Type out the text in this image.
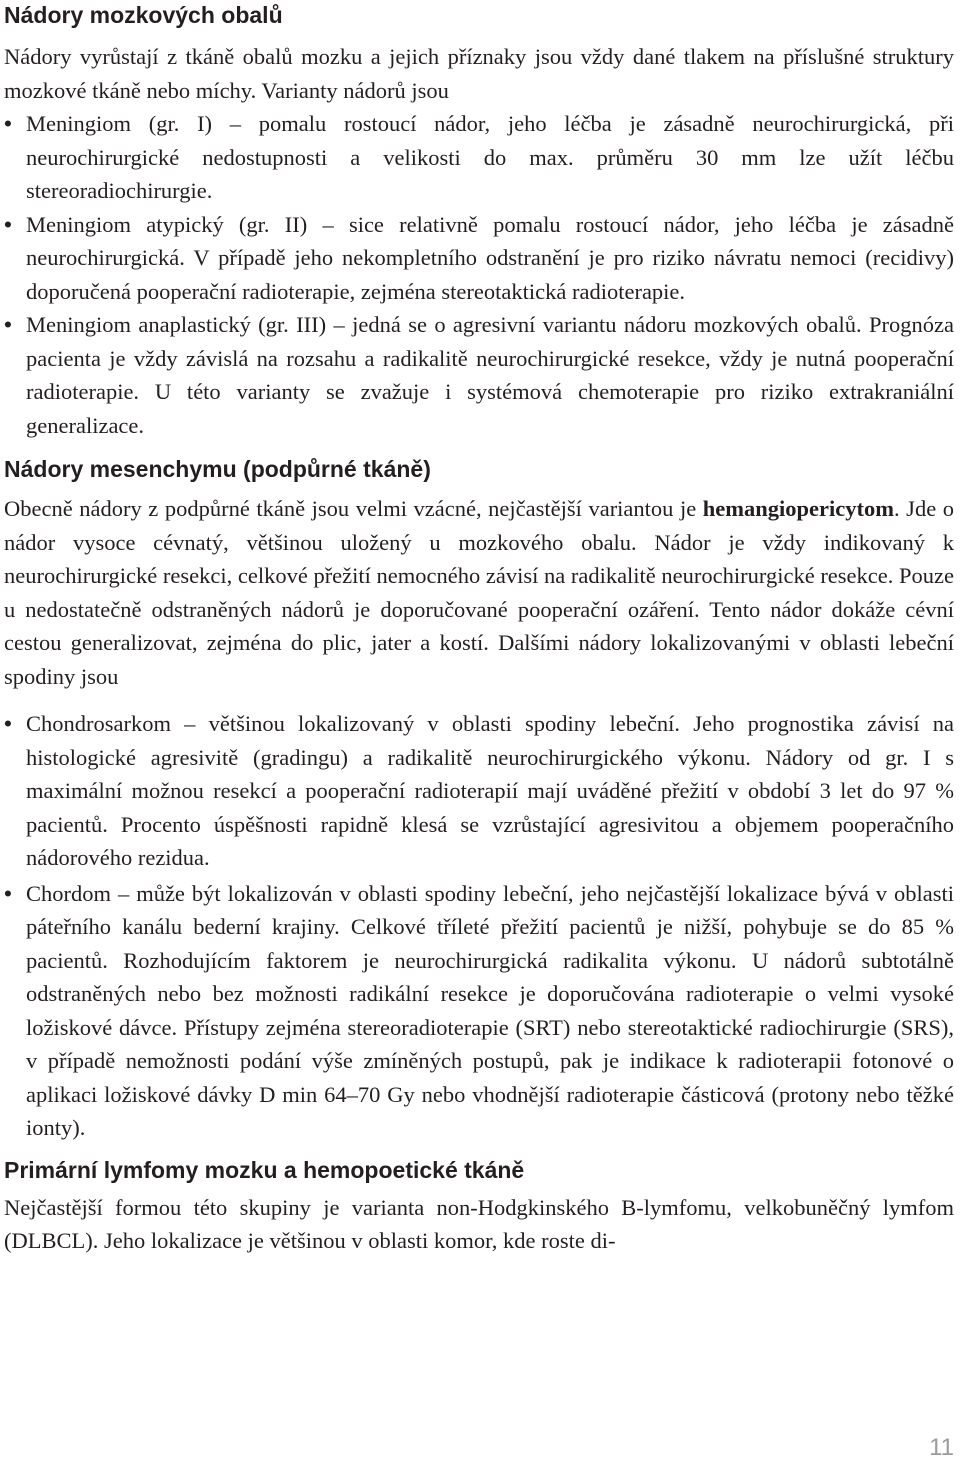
Nádory mozkových obalů

Nádory vyrůstají z tkáně obalů mozku a jejich příznaky jsou vždy dané tlakem na příslušné struktury mozkové tkáně nebo míchy. Varianty nádorů jsou

• Meningiom (gr. I) – pomalu rostoucí nádor, jeho léčba je zásadně neurochirurgická, při neurochirurgické nedostupnosti a velikosti do max. průměru 30 mm lze užít léčbu stereoradiochirurgie.
• Meningiom atypický (gr. II) – sice relativně pomalu rostoucí nádor, jeho léčba je zásadně neurochirurgická. V případě jeho nekompletního odstranění je pro riziko návratu nemoci (recidivy) doporučená pooperační radioterapie, zejména stereotaktická radioterapie.
• Meningiom anaplastický (gr. III) – jedná se o agresivní variantu nádoru mozkových obalů. Prognóza pacienta je vždy závislá na rozsahu a radikalitě neurochirurgické resekce, vždy je nutná pooperační radioterapie. U této varianty se zvažuje i systémová chemoterapie pro riziko extrakraniální generalizace.
Nádory mesenchymu (podpůrné tkáně)

Obecně nádory z podpůrné tkáně jsou velmi vzácné, nejčastější variantou je hemangiopericytom. Jde o nádor vysoce cévnatý, většinou uložený u mozkového obalu. Nádor je vždy indikovaný k neurochirurgické resekci, celkové přežití nemocného závisí na radikalitě neurochirurgické resekce. Pouze u nedostatečně odstraněných nádorů je doporučované pooperační ozáření. Tento nádor dokáže cévní cestou generalizovat, zejména do plic, jater a kostí. Dalšími nádory lokalizovanými v oblasti lebeční spodiny jsou

• Chondrosarkom – většinou lokalizovaný v oblasti spodiny lebeční. Jeho prognostika závisí na histologické agresivitě (gradingu) a radikalitě neurochirurgického výkonu. Nádory od gr. I s maximální možnou resekcí a pooperační radioterapií mají uváděné přežití v období 3 let do 97 % pacientů. Procento úspěšnosti rapidně klesá se vzrůstající agresivitou a objemem pooperačního nádorového rezidua.
• Chordom – může být lokalizován v oblasti spodiny lebeční, jeho nejčastější lokalizace bývá v oblasti páteřního kanálu bederní krajiny. Celkové tříleté přežití pacientů je nižší, pohybuje se do 85 % pacientů. Rozhodujícím faktorem je neurochirurgická radikalita výkonu. U nádorů subtotálně odstraněných nebo bez možnosti radikální resekce je doporučována radioterapie o velmi vysoké ložiskové dávce. Přístupy zejména stereoradioterapie (SRT) nebo stereotaktické radiochirurgie (SRS), v případě nemožnosti podání výše zmíněných postupů, pak je indikace k radioterapii fotonové o aplikaci ložiskové dávky D min 64–70 Gy nebo vhodnější radioterapie částicová (protony nebo těžké ionty).
Primární lymfomy mozku a hemopoetické tkáně

Nejčastější formou této skupiny je varianta non-Hodgkinského B-lymfomu, velkobuněčný lymfom (DLBCL). Jeho lokalizace je většinou v oblasti komor, kde roste di-

11
